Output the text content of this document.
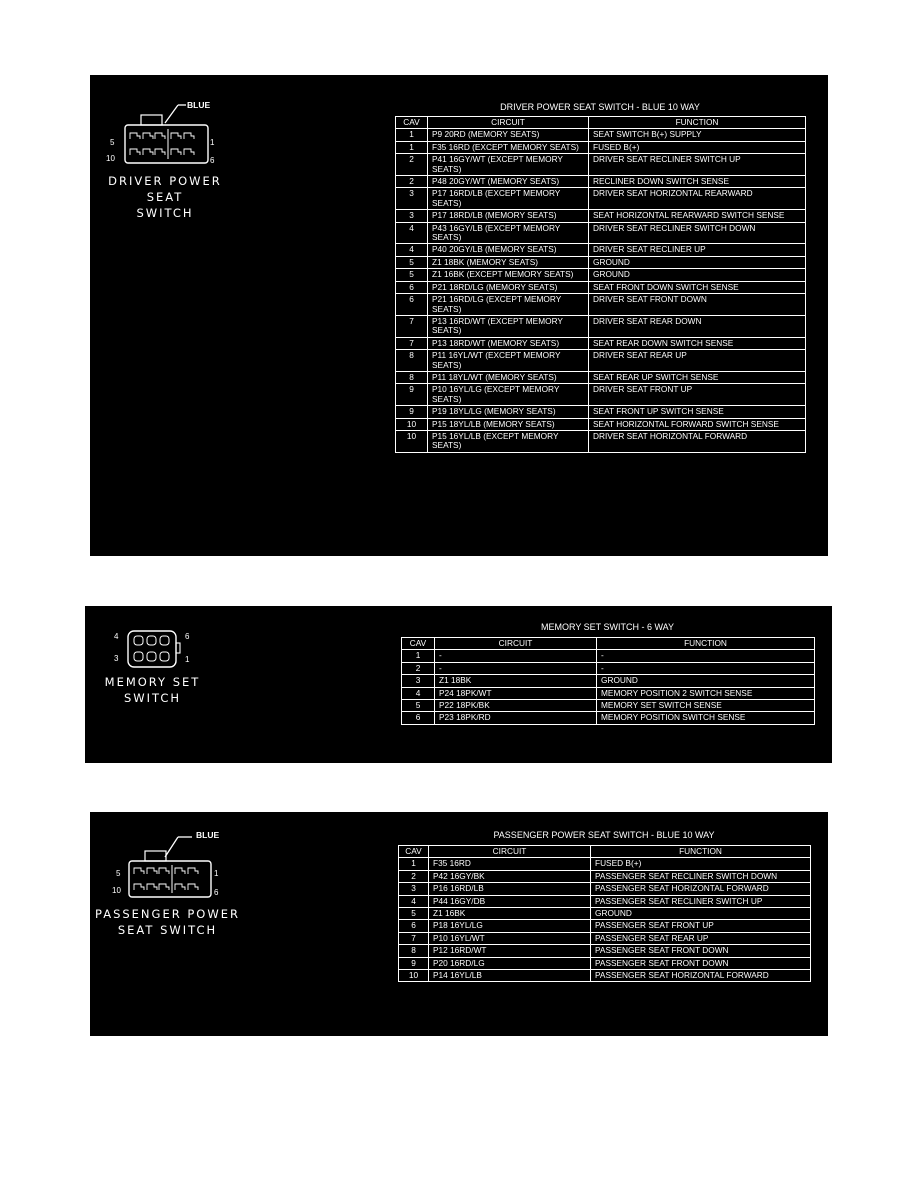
BLUE
5	1
10	6
DRIVER POWER SEAT
SWITCH
DRIVER POWER SEAT SWITCH - BLUE 10 WAY
CAV	CIRCUIT	FUNCTION
1	P9 20RD (MEMORY SEATS)	SEAT SWITCH B(+) SUPPLY
1	F35 16RD (EXCEPT MEMORY SEATS)	FUSED B(+)
2	P41 16GY/WT (EXCEPT MEMORY SEATS)	DRIVER SEAT RECLINER SWITCH UP
2	P48 20GY/WT (MEMORY SEATS)	RECLINER DOWN SWITCH SENSE
3	P17 16RD/LB (EXCEPT MEMORY SEATS)	DRIVER SEAT HORIZONTAL REARWARD
3	P17 18RD/LB (MEMORY SEATS)	SEAT HORIZONTAL REARWARD SWITCH SENSE
4	P43 16GY/LB (EXCEPT MEMORY SEATS)	DRIVER SEAT RECLINER SWITCH DOWN
4	P40 20GY/LB (MEMORY SEATS)	DRIVER SEAT RECLINER UP
5	Z1 18BK (MEMORY SEATS)	GROUND
5	Z1 16BK (EXCEPT MEMORY SEATS)	GROUND
6	P21 18RD/LG (MEMORY SEATS)	SEAT FRONT DOWN SWITCH SENSE
6	P21 16RD/LG (EXCEPT MEMORY SEATS)	DRIVER SEAT FRONT DOWN
7	P13 16RD/WT (EXCEPT MEMORY SEATS)	DRIVER SEAT REAR DOWN
7	P13 18RD/WT (MEMORY SEATS)	SEAT REAR DOWN SWITCH SENSE
8	P11 16YL/WT (EXCEPT MEMORY SEATS)	DRIVER SEAT REAR UP
8	P11 18YL/WT (MEMORY SEATS)	SEAT REAR UP SWITCH SENSE
9	P10 16YL/LG (EXCEPT MEMORY SEATS)	DRIVER SEAT FRONT UP
9	P19 18YL/LG (MEMORY SEATS)	SEAT FRONT UP SWITCH SENSE
10	P15 18YL/LB (MEMORY SEATS)	SEAT HORIZONTAL FORWARD SWITCH SENSE
10	P15 16YL/LB (EXCEPT MEMORY SEATS)	DRIVER SEAT HORIZONTAL FORWARD
4	6
3	1
MEMORY SET
SWITCH
MEMORY SET SWITCH - 6 WAY
CAV	CIRCUIT	FUNCTION
1	-	-
2	-	-
3	Z1 18BK	GROUND
4	P24 18PK/WT	MEMORY POSITION 2 SWITCH SENSE
5	P22 18PK/BK	MEMORY SET SWITCH SENSE
6	P23 18PK/RD	MEMORY POSITION SWITCH SENSE
BLUE
5	1
10	6
PASSENGER POWER
SEAT SWITCH
PASSENGER POWER SEAT SWITCH - BLUE 10 WAY
CAV	CIRCUIT	FUNCTION
1	F35 16RD	FUSED B(+)
2	P42 16GY/BK	PASSENGER SEAT RECLINER SWITCH DOWN
3	P16 16RD/LB	PASSENGER SEAT HORIZONTAL FORWARD
4	P44 16GY/DB	PASSENGER SEAT RECLINER SWITCH UP
5	Z1 16BK	GROUND
6	P18 16YL/LG	PASSENGER SEAT FRONT UP
7	P10 16YL/WT	PASSENGER SEAT REAR UP
8	P12 16RD/WT	PASSENGER SEAT FRONT DOWN
9	P20 16RD/LG	PASSENGER SEAT FRONT DOWN
10	P14 16YL/LB	PASSENGER SEAT HORIZONTAL FORWARD
